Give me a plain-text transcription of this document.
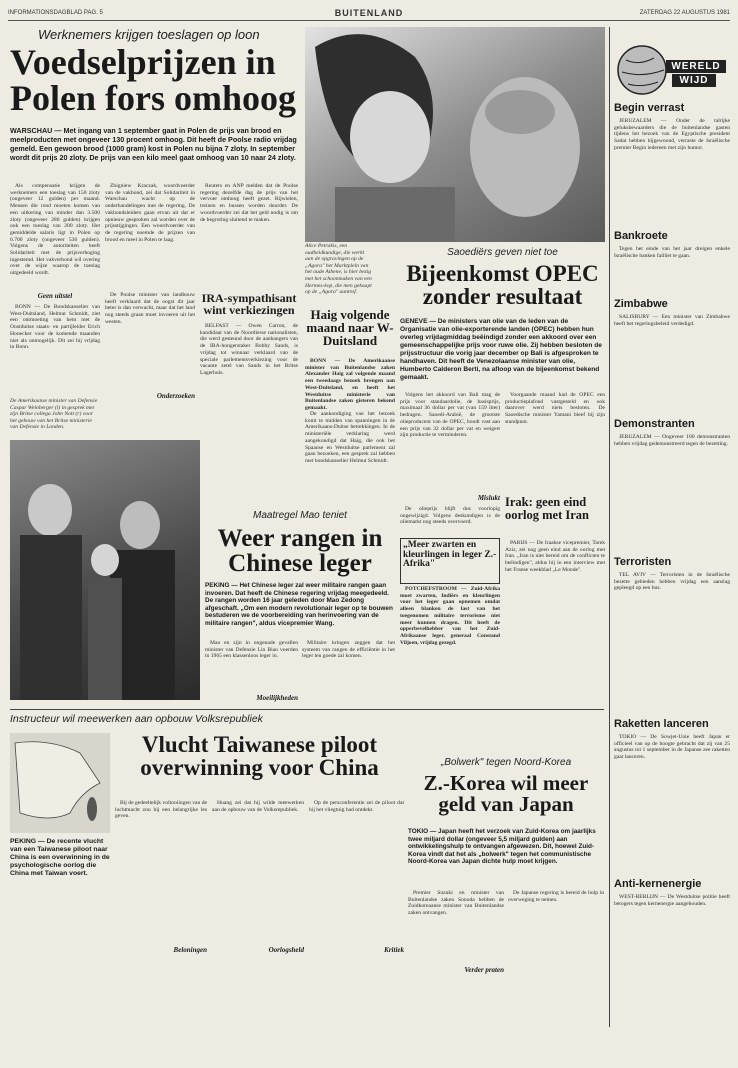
INFORMATIONSDAGBLAD PAG. 5	BUITENLAND	ZATERDAG 22 AUGUSTUS 1981
Werknemers krijgen toeslagen op loon
Voedselprijzen in Polen fors omhoog
WARSCHAU — Met ingang van 1 september gaat in Polen de prijs van brood en meelproducten met ongeveer 130 procent omhoog. Dit heeft de Poolse radio vrijdag gemeld. Een gewoon brood (1000 gram) kost in Polen nu bijna 7 zloty. In september wordt dit prijs 20 zloty. De prijs van een kilo meel gaat omhoog van 10 naar 24 zloty.

Als compensatie krijgen de werknemers een toeslag van 150 zloty (ongeveer 12 gulden) per maand. Mensen die rond moeten komen van een uitkering van minder dan 3.500 zloty (ongeveer 280 gulden) krijgen ook een toeslag van 200 zloty. Het gemiddelde salaris ligt in Polen op 6.700 zloty (ongeveer 536 gulden). Volgens de autoriteiten heeft Solidariteit met de prijsverhoging ingestemd. Het vakverbond wil overleg over de wijze waarop de toeslag uitgedeeld wordt.

Zbigniew Kraczak, woordvoerder van de vakbond, zei dat Solidariteit in Warschau wacht op de onderhandelingen met de regering. De vakbondsleiders gaan ervan uit dat er opnieuw gesproken zal worden over de prijsstijgingen. Een woordvoerder van de regering noemde de prijzen van brood en meel in Polen te laag.

Reuters en ANP melden dat de Poolse regering dezelfde dag de prijs van het vervoer omhoog heeft gezet. Rijwielen, treinen en bussen worden duurder. De woordvoerder zei dat het geld nodig is om de begroting sluitend te maken.

Geen uitstel

BONN — De Bondskanselier van West-Duitsland, Helmut Schmidt, ziet een ontmoeting van hem met de Oostduitse staats- en partijleider Erich Honecker voor de komende maanden niet als onmogelijk. Dit zei hij vrijdag in Bonn.

De Amerikaanse minister van Defensie Caspar Weinberger (l) in gesprek met zijn Britse collega John Nott (r) voor het gebouw van het Britse ministerie van Defensie in Londen.
IRA-sympathisant wint verkiezingen

BELFAST — Owen Carron, de kandidaat van de Noordierse nationalisten, die werd gesteund door de aanhangers van de IRA-hongerstaker Bobby Sands, is vrijdag tot winnaar verklaard van de speciale parlementsverkiezing voor de vacante zetel van Sands in het Britse Lagerhuis.

De Poolse minister van landbouw heeft verklaard dat de oogst dit jaar beter is dan verwacht, maar dat het land nog steeds graan moet invoeren uit het westen.

Onderzoeken
Alice Petrakis, een oudheidkundige, die werkt aan de opgravingen op de „Agora" het Marktplein van het oude Athene, is hier bezig met het schoonmaken van een Hermes-kop, die men gekaapt op de „Agora" aantrof.
Haig volgende maand naar W-Duitsland

BONN — De Amerikaanse minister van Buitenlandse zaken Alexander Haig zal volgende maand een tweedaags bezoek brengen aan West-Duitsland, en heeft het Westduitse ministerie van Buitenlandse zaken gisteren bekend gemaakt.

De aankondiging van het bezoek komt te midden van spanningen in de Amerikaans-Duitse betrekkingen. In de ministeriële verklaring werd aangekondigd dat Haig, die ook het Spaanse en Westduitse parlement zal gaan bezoeken, een gesprek zal hebben met bondskanselier Helmut Schmidt.

Saoediërs geven niet toe
Bijeenkomst OPEC zonder resultaat
GENEVE — De ministers van olie van de leden van de Organisatie van olie-exporterende landen (OPEC) hebben hun overleg vrijdagmiddag beëindigd zonder een akkoord over een gemeenschappelijke prijs voor ruwe olie. Zij hebben besloten de prijsstructuur die vorig jaar december op Bali is afgesproken te handhaven. Dit heeft de Venezolaanse minister van olie, Humberto Calderon Berti, na afloop van de bijeenkomst bekend gemaakt.

Volgens het akkoord van Bali mag de prijs voor standaardolie, de basisprijs, maximaal 36 dollar per vat (van 159 liter) bedragen. Saoedi-Arabië, de grootste olieproducent van de OPEC, houdt vast aan een prijs van 32 dollar per vat en weigert zijn productie te verminderen.

Voorgaande maand had de OPEC een productieplafond vastgesteld en ook daarover werd niets besloten. De Saoedische minister Yamani bleef bij zijn standpunt.

Mislukt

De olieprijs blijft dus voorlopig ongewijzigd. Volgens deskundigen is de oliemarkt nog steeds overvoerd.

Irak: geen eind oorlog met Iran

PARIJS — De Iraakse vicepremier, Tarek Aziz, zei nog geen eind aan de oorlog met Iran. „Iran is niet bereid om de conflicten te beëindigen", aldus hij in een interview met het Franse weekblad „Le Monde".

„Meer zwarten en kleurlingen in leger Z.-Afrika"

POTCHEFSTROOM — Zuid-Afrika moet zwarten, Indiërs en kleurlingen voor het leger gaan opnemen omdat alleen blanken de last van het toegenomen militaire terrorisme niet meer kunnen dragen. Dit heeft de opperbevelhebber van het Zuid-Afrikaanse leger, generaal Constand Viljoen, vrijdag gezegd.

Maatregel Mao teniet
Weer rangen in Chinese leger
PEKING — Het Chinese leger zal weer militaire rangen gaan invoeren. Dat heeft de Chinese regering vrijdag meegedeeld. De rangen worden 16 jaar geleden door Mao Zedong afgeschaft. „Om een modern revolutionair leger op te bouwen bestuderen we de voorbereiding van herinvoering van de militaire rangen", aldus vicepremier Wang.

Mao en zijn in ongenade gevallen minister van Defensie Lin Biao voerden in 1965 een klassenloos leger in.

Militaire kringen zeggen dat het systeem van rangen de efficiëntie in het leger ten goede zal komen.

Moeilijkheden
WERELD
WIJD
Begin verrast

JERUZALEM — Onder de talrijke geluksbewaarders die de buitenlandse gasten tijdens het bezoek van de Egyptische president Sadat hebben bijgewoond, verraste de Israëlische premier Begin iedereen met zijn humor.

Bankroete

Tegen het einde van het jaar dreigen enkele Israëlische banken failliet te gaan.

Zimbabwe

SALISBURY — Een minister van Zimbabwe heeft het regeringsbeleid verdedigd.

Demonstranten

JERUZALEM — Ongeveer 100 demonstranten hebben vrijdag gedemonstreerd tegen de bezetting.

Terroristen

TEL AVIV — Terroristen in de Israëlische bezette gebieden hebben vrijdag een aanslag gepleegd op een bus.

Raketten lanceren

TOKIO — De Sowjet-Unie heeft Japan er officieel van op de hoogte gebracht dat zij van 25 augustus tot 1 september in de Japanse zee raketten gaat lanceren.

Anti-kernenergie

WEST-BERLIJN — De Westduitse politie heeft betogers tegen kernenergie aangehouden.

Instructeur wil meewerken aan opbouw Volksrepubliek
Vlucht Taiwanese piloot overwinning voor China
PEKING — De recente vlucht van een Taiwanese piloot naar China is een overwinning in de psychologische oorlog die China met Taiwan voert.

Bij de gedeeltelijk voltooiingen van de luchtmacht zou hij een belangrijke les geven.

Huang zei dat hij wilde meewerken aan de opbouw van de Volksrepubliek.

Op de persconferentie zei de piloot dat hij het vliegtuig had ontdekt.

Beloningen	Oorlogsheld	Kritiek
„Bolwerk" tegen Noord-Korea
Z.-Korea wil meer geld van Japan
TOKIO — Japan heeft het verzoek van Zuid-Korea om jaarlijks twee miljard dollar (ongeveer 5,5 miljard gulden) aan ontwikkelingshulp te ontvangen afgewezen. Dit, hoewel Zuid-Korea vindt dat het als „bolwerk" tegen het communistische Noord-Korea van Japan dichte hulp moet krijgen.

Premier Suzuki en minister van Buitenlandse zaken Sonoda hebben de Zuidkoreaanse minister van Buitenlandse zaken ontvangen.

De Japanse regering is bereid de hulp in overweging te nemen.

Verder praten
